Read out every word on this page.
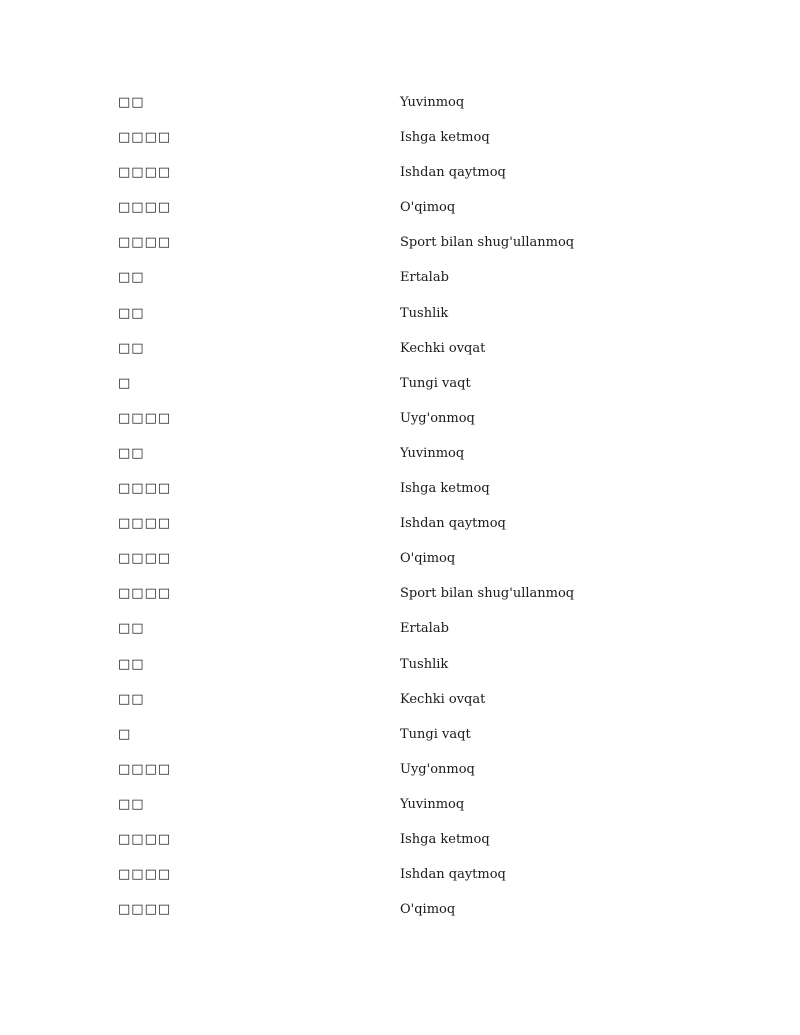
□□	Yuvinmoq
□□□□	Ishga ketmoq
□□□□	Ishdan qaytmoq
□□□□	O'qimoq
□□□□	Sport bilan shug'ullanmoq
□□	Ertalab
□□	Tushlik
□□	Kechki ovqat
□	Tungi vaqt
□□□□	Uyg'onmoq
□□	Yuvinmoq
□□□□	Ishga ketmoq
□□□□	Ishdan qaytmoq
□□□□	O'qimoq
□□□□	Sport bilan shug'ullanmoq
□□	Ertalab
□□	Tushlik
□□	Kechki ovqat
□	Tungi vaqt
□□□□	Uyg'onmoq
□□	Yuvinmoq
□□□□	Ishga ketmoq
□□□□	Ishdan qaytmoq
□□□□	O'qimoq
